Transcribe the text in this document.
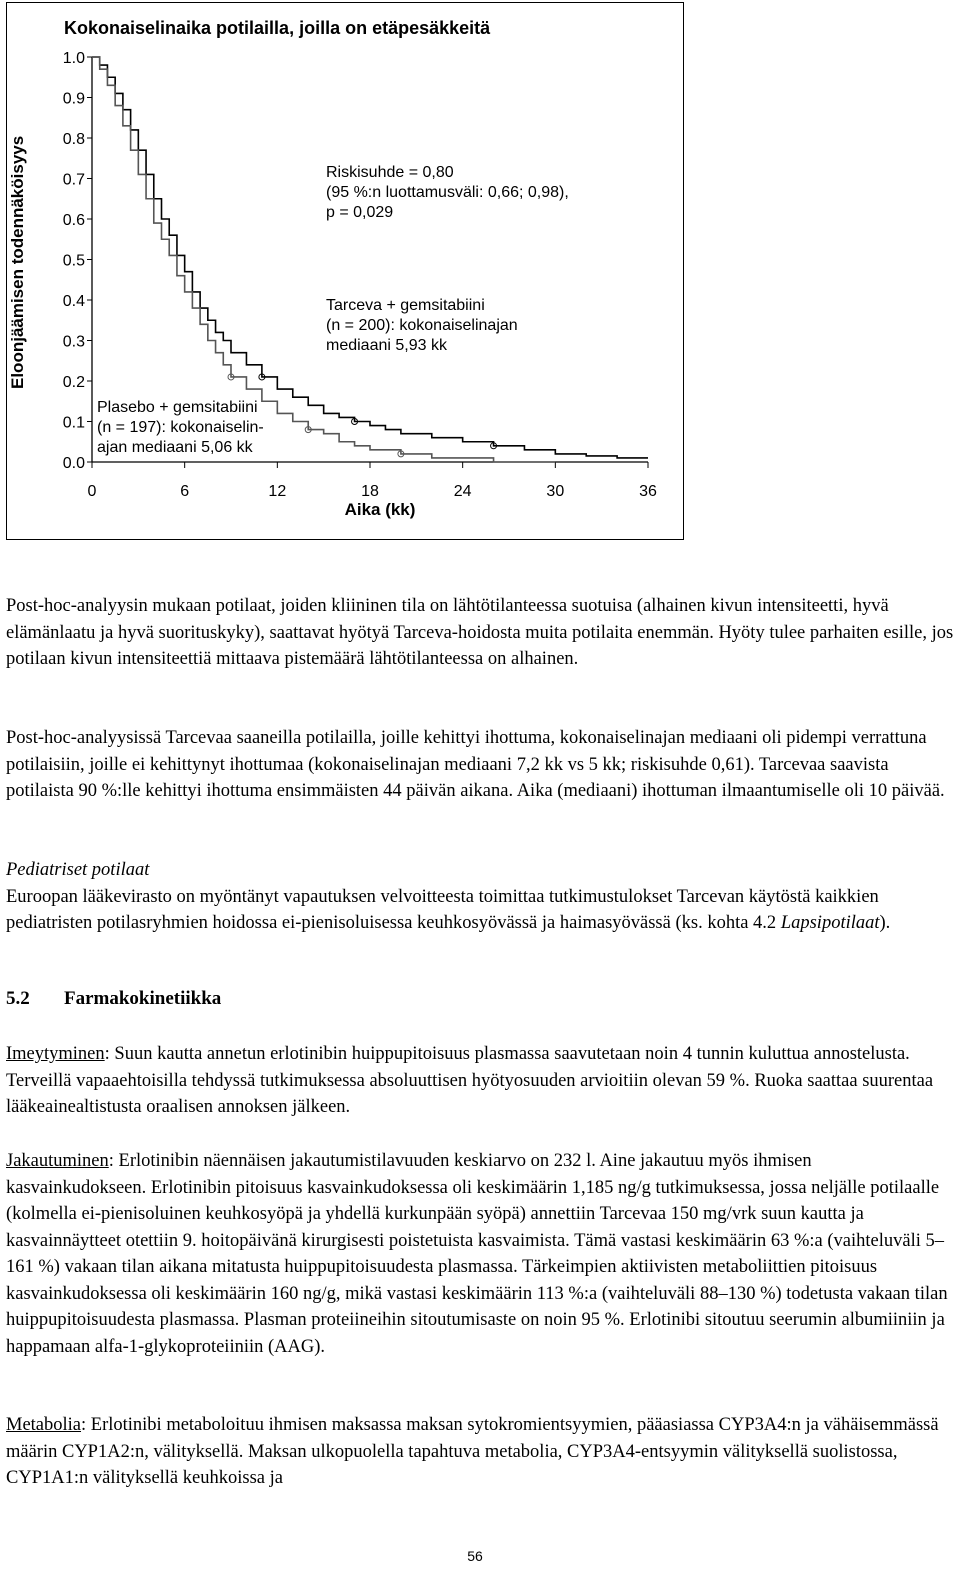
Kokonaiselinaika potilailla, joilla on etäpesäkkeitä
Eloonjäämisen todennäköisyys
Aika (kk)
0.0
0.1
0.2
0.3
0.4
0.5
0.6
0.7
0.8
0.9
1.0
0	6	12	18	24	30	36
Riskisuhde = 0,80
(95 %:n luottamusväli: 0,66; 0,98),
p = 0,029
Tarceva + gemsitabiini
(n = 200): kokonaiselinajan
mediaani 5,93 kk
Plasebo + gemsitabiini
(n = 197): kokonaiselin-
ajan mediaani 5,06 kk

Post-hoc-analyysin mukaan potilaat, joiden kliininen tila on lähtötilanteessa suotuisa (alhainen kivun intensiteetti, hyvä elämänlaatu ja hyvä suorituskyky), saattavat hyötyä Tarceva-hoidosta muita potilaita enemmän. Hyöty tulee parhaiten esille, jos potilaan kivun intensiteettiä mittaava pistemäärä lähtötilanteessa on alhainen.

Post-hoc-analyysissä Tarcevaa saaneilla potilailla, joille kehittyi ihottuma, kokonaiselinajan mediaani oli pidempi verrattuna potilaisiin, joille ei kehittynyt ihottumaa (kokonaiselinajan mediaani 7,2 kk vs 5 kk; riskisuhde 0,61). Tarcevaa saavista potilaista 90 %:lle kehittyi ihottuma ensimmäisten 44 päivän aikana. Aika (mediaani) ihottuman ilmaantumiselle oli 10 päivää.

Pediatriset potilaat

Euroopan lääkevirasto on myöntänyt vapautuksen velvoitteesta toimittaa tutkimustulokset Tarcevan käytöstä kaikkien pediatristen potilasryhmien hoidossa ei-pienisoluisessa keuhkosyövässä ja haimasyövässä (ks. kohta 4.2 Lapsipotilaat).

5.2 Farmakokinetiikka

Imeytyminen: Suun kautta annetun erlotinibin huippupitoisuus plasmassa saavutetaan noin 4 tunnin kuluttua annostelusta. Terveillä vapaaehtoisilla tehdyssä tutkimuksessa absoluuttisen hyötyosuuden arvioitiin olevan 59 %. Ruoka saattaa suurentaa lääkeainealtistusta oraalisen annoksen jälkeen.

Jakautuminen: Erlotinibin näennäisen jakautumistilavuuden keskiarvo on 232 l. Aine jakautuu myös ihmisen kasvainkudokseen. Erlotinibin pitoisuus kasvainkudoksessa oli keskimäärin 1,185 ng/g tutkimuksessa, jossa neljälle potilaalle (kolmella ei-pienisoluinen keuhkosyöpä ja yhdellä kurkunpään syöpä) annettiin Tarcevaa 150 mg/vrk suun kautta ja kasvainnäytteet otettiin 9. hoitopäivänä kirurgisesti poistetuista kasvaimista. Tämä vastasi keskimäärin 63 %:a (vaihteluväli 5–161 %) vakaan tilan aikana mitatusta huippupitoisuudesta plasmassa. Tärkeimpien aktiivisten metaboliittien pitoisuus kasvainkudoksessa oli keskimäärin 160 ng/g, mikä vastasi keskimäärin 113 %:a (vaihteluväli 88–130 %) todetusta vakaan tilan huippupitoisuudesta plasmassa. Plasman proteiineihin sitoutumisaste on noin 95 %. Erlotinibi sitoutuu seerumin albumiiniin ja happamaan alfa-1-glykoproteiiniin (AAG).

Metabolia: Erlotinibi metaboloituu ihmisen maksassa maksan sytokromientsyymien, pääasiassa CYP3A4:n ja vähäisemmässä määrin CYP1A2:n, välityksellä. Maksan ulkopuolella tapahtuva metabolia, CYP3A4-entsyymin välityksellä suolistossa, CYP1A1:n välityksellä keuhkoissa ja

56
